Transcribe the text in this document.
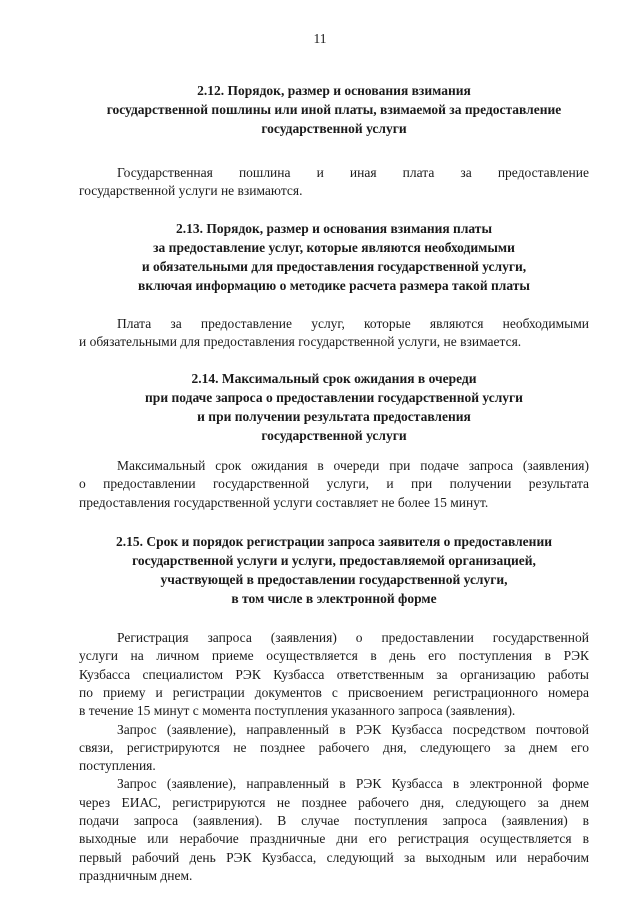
11
2.12. Порядок, размер и основания взимания
государственной пошлины или иной платы, взимаемой за предоставление
государственной услуги
Государственная пошлина и иная плата за предоставление
государственной услуги не взимаются.
2.13. Порядок, размер и основания взимания платы
за предоставление услуг, которые являются необходимыми
и обязательными для предоставления государственной услуги,
включая информацию о методике расчета размера такой платы
Плата за предоставление услуг, которые являются необходимыми
и обязательными для предоставления государственной услуги, не взимается.
2.14. Максимальный срок ожидания в очереди
при подаче запроса о предоставлении государственной услуги
и при получении результата предоставления
государственной услуги
Максимальный срок ожидания в очереди при подаче запроса (заявления)
о предоставлении государственной услуги, и при получении результата
предоставления государственной услуги составляет не более 15 минут.
2.15. Срок и порядок регистрации запроса заявителя о предоставлении
государственной услуги и услуги, предоставляемой организацией,
участвующей в предоставлении государственной услуги,
в том числе в электронной форме
Регистрация запроса (заявления) о предоставлении государственной
услуги на личном приеме осуществляется в день его поступления в РЭК
Кузбасса специалистом РЭК Кузбасса ответственным за организацию работы
по приему и регистрации документов с присвоением регистрационного номера
в течение 15 минут с момента поступления указанного запроса (заявления).
Запрос (заявление), направленный в РЭК Кузбасса посредством почтовой
связи, регистрируются не позднее рабочего дня, следующего за днем его
поступления.
Запрос (заявление), направленный в РЭК Кузбасса в электронной форме
через ЕИАС, регистрируются не позднее рабочего дня, следующего за днем
подачи запроса (заявления). В случае поступления запроса (заявления) в
выходные или нерабочие праздничные дни его регистрация осуществляется в
первый рабочий день РЭК Кузбасса, следующий за выходным или нерабочим
праздничным днем.
